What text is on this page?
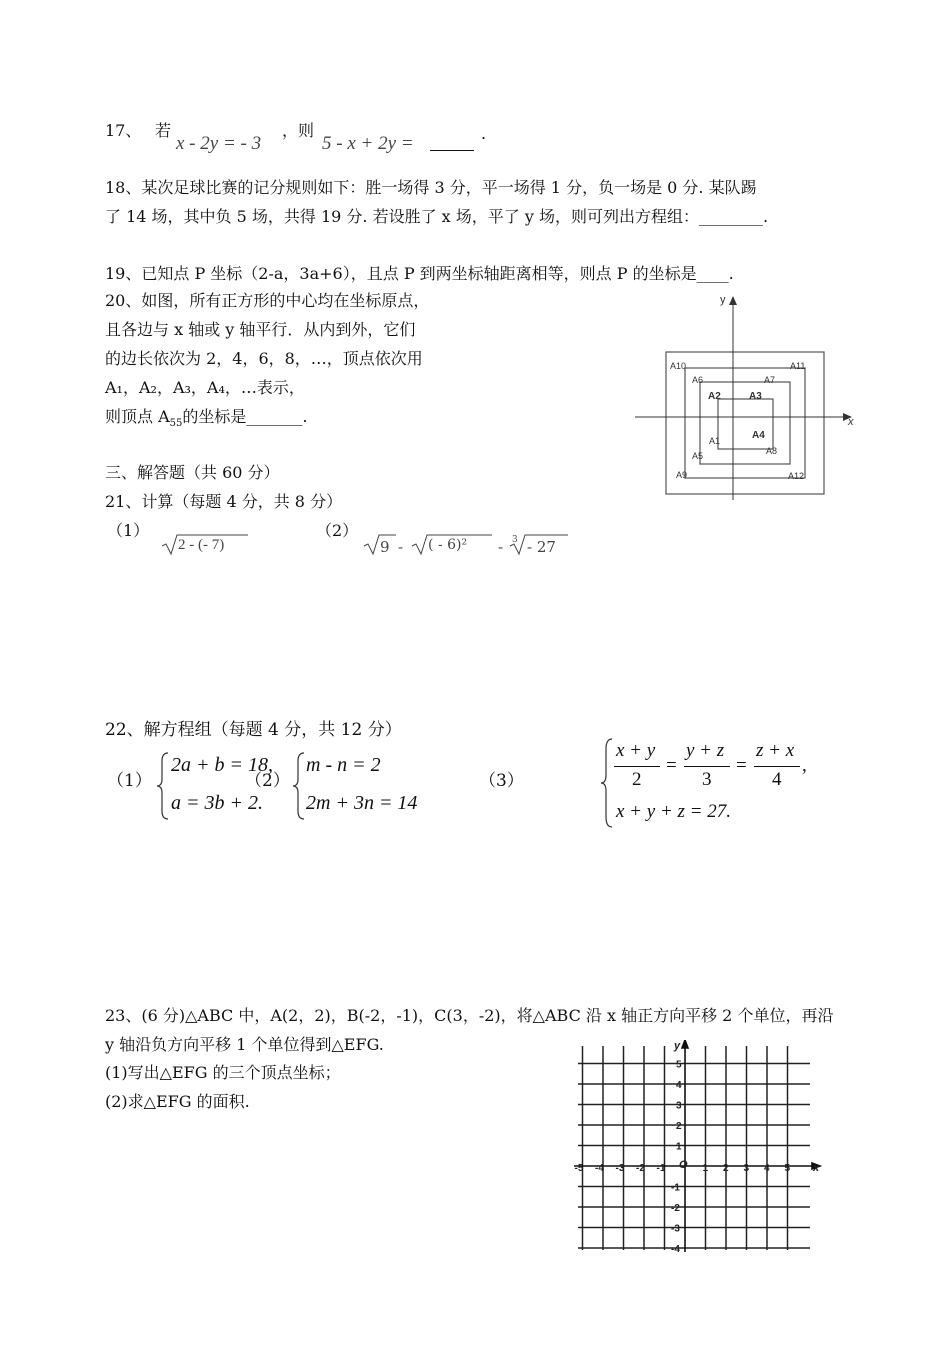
17、 若
x - 2y = - 3
，则
5 - x + 2y =	.
18、某次足球比赛的记分规则如下：胜一场得 3 分，平一场得 1 分，负一场是 0 分. 某队踢
了 14 场，其中负 5 场，共得 19 分. 若设胜了 x 场，平了 y 场，则可列出方程组：________.
19、已知点 P 坐标（2-a，3a+6），且点 P 到两坐标轴距离相等，则点 P 的坐标是____.
20、如图，所有正方形的中心均在坐标原点，
且各边与 x 轴或 y 轴平行．从内到外，它们
的边长依次为 2，4，6，8，…，顶点依次用
A₁，A₂，A₃，A₄，…表示，
则顶点 $A_{55}$的坐标是_______.
y
x
A10	A11
A6	A7
A2	A3
A1	A4
A5	A8
A9	A12
三、解答题（共 60 分）
21、计算（每题 4 分，共 8 分）
（1）
2 - (- 7)
（2）
9 - ( - 6)² - 3 - 27
22、解方程组（每题 4 分，共 12 分）
（1）
2a + b = 18,
a = 3b + 2.
（2）
m - n = 2
2m + 3n = 14
（3）
x + y
2
=
y + z
3
=
z + x
4
,
x + y + z = 27.
23、(6 分)△ABC 中，A(2，2)，B(-2，-1)，C(3，-2)，将△ABC 沿 x 轴正方向平移 2 个单位，再沿
y 轴沿负方向平移 1 个单位得到△EFG.
(1)写出△EFG 的三个顶点坐标；
(2)求△EFG 的面积.
-5 -4 -3 -2 -1	1 2 3 4 5
5
4
3
2
1
-1
-2
-3
-4
O	x
y
